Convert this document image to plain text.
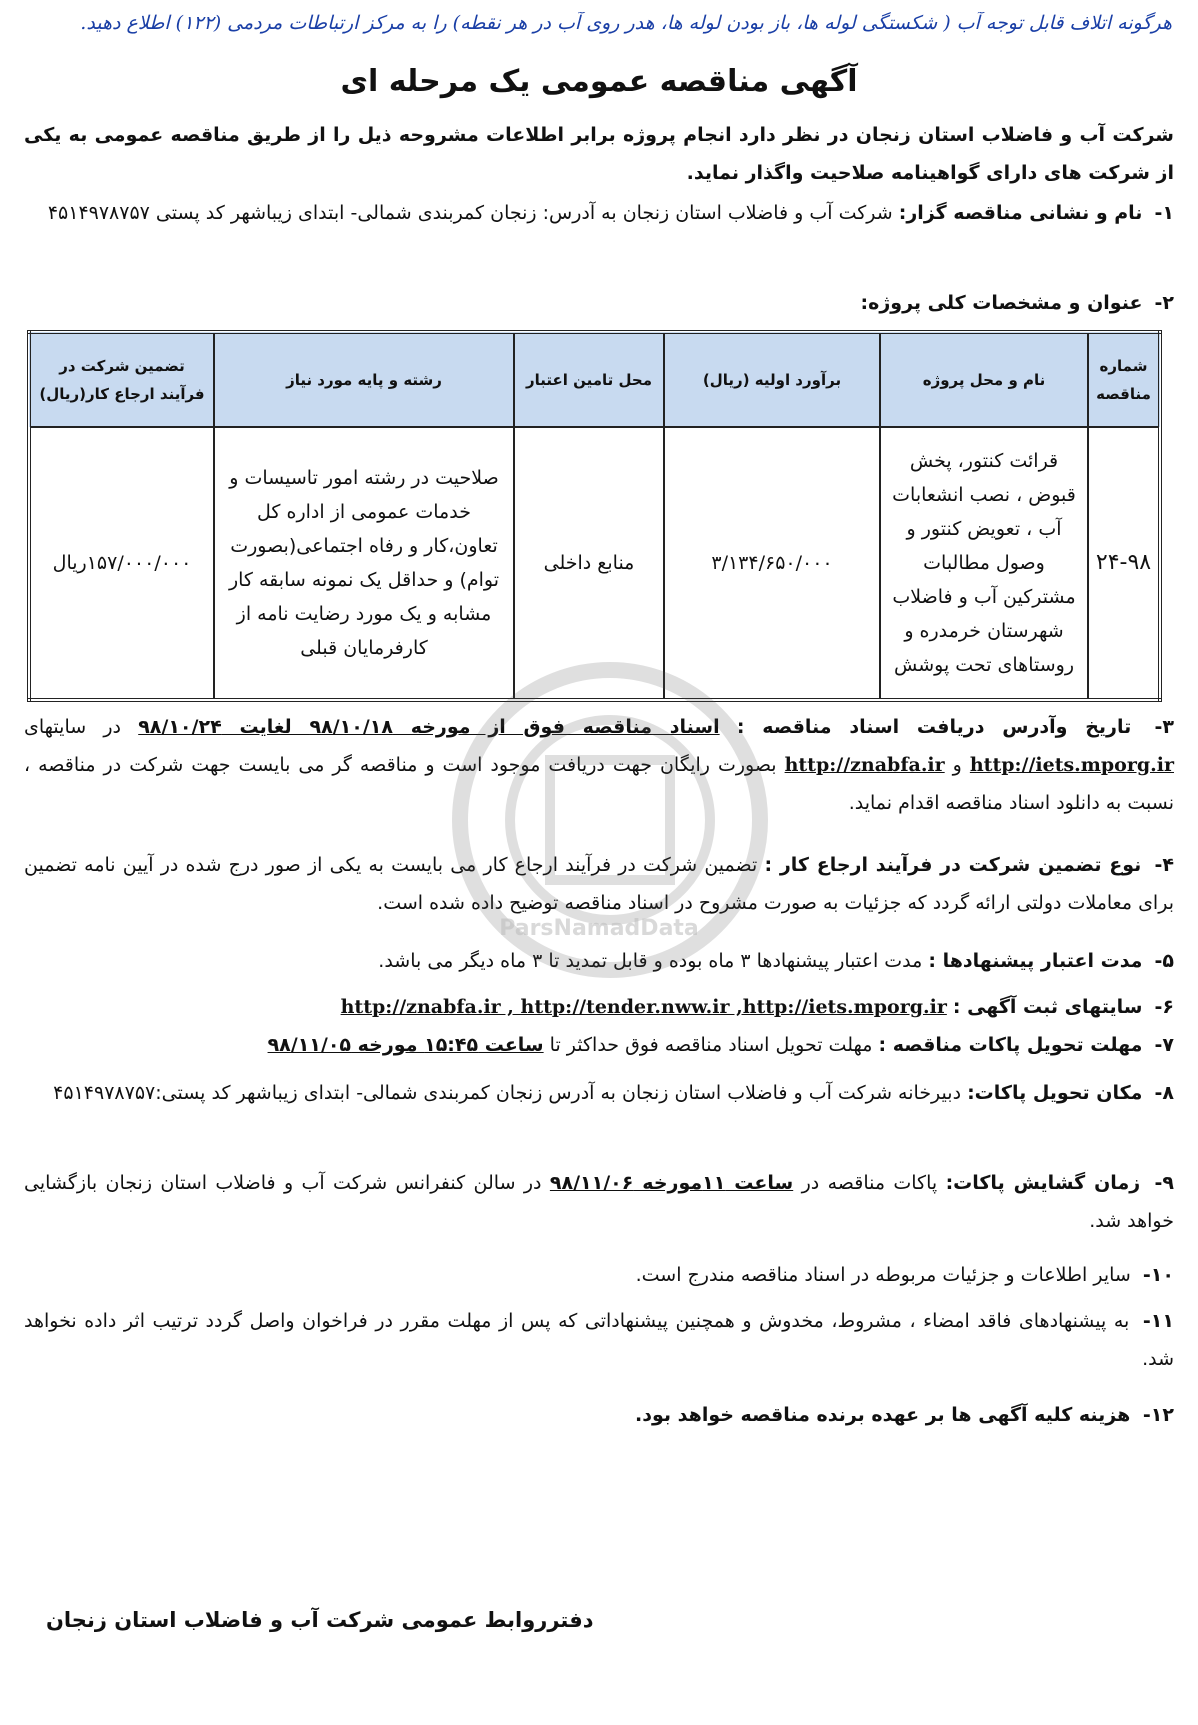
هرگونه اتلاف قابل توجه آب ( شکستگی لوله ها، باز بودن لوله ها، هدر روی آب در هر نقطه) را به مرکز ارتباطات مردمی (۱۲۲) اطلاع دهید.
آگهی مناقصه عمومی یک مرحله ای
شرکت آب و فاضلاب استان زنجان در نظر دارد انجام پروژه برابر اطلاعات مشروحه ذیل را از طریق مناقصه عمومی به یکی از شرکت های دارای گواهینامه صلاحیت واگذار نماید.
۱- نام و نشانی مناقصه گزار: شرکت آب و فاضلاب استان زنجان به آدرس: زنجان کمربندی شمالی- ابتدای زیباشهر کد پستی ۴۵۱۴۹۷۸۷۵۷
۲- عنوان و مشخصات کلی پروژه:
شماره مناقصه	نام و محل پروژه	برآورد اولیه (ریال)	محل تامین اعتبار	رشته و پایه مورد نیاز	تضمین شرکت در فرآیند ارجاع کار(ریال)
۲۴-۹۸	قرائت کنتور، پخش قبوض ، نصب انشعابات آب ، تعویض کنتور و وصول مطالبات مشترکین آب و فاضلاب شهرستان خرمدره و روستاهای تحت پوشش	۳/۱۳۴/۶۵۰/۰۰۰	منابع داخلی	صلاحیت در رشته امور تاسیسات و خدمات عمومی از اداره کل تعاون،کار و رفاه اجتماعی(بصورت توام) و حداقل یک نمونه سابقه کار مشابه و یک مورد رضایت نامه از کارفرمایان قبلی	۱۵۷/۰۰۰/۰۰۰ریال
۳- تاریخ وآدرس دریافت اسناد مناقصه : اسناد مناقصه فوق از مورخه ۹۸/۱۰/۱۸ لغایت ۹۸/۱۰/۲۴ در سایتهای http://iets.mporg.ir و http://znabfa.ir بصورت رایگان جهت دریافت موجود است و مناقصه گر می بایست جهت شرکت در مناقصه ، نسبت به دانلود اسناد مناقصه اقدام نماید.
۴- نوع تضمین شرکت در فرآیند ارجاع کار : تضمین شرکت در فرآیند ارجاع کار می بایست به یکی از صور درج شده در آیین نامه تضمین برای معاملات دولتی ارائه گردد که جزئیات به صورت مشروح در اسناد مناقصه توضیح داده شده است.
۵- مدت اعتبار پیشنهادها : مدت اعتبار پیشنهادها ۳ ماه بوده و قابل تمدید تا ۳ ماه دیگر می باشد.
۶- سایتهای ثبت آگهی : http://znabfa.ir , http://tender.nww.ir ,http://iets.mporg.ir
۷- مهلت تحویل پاکات مناقصه : مهلت تحویل اسناد مناقصه فوق حداکثر تا ساعت ۱۵:۴۵ مورخه ۹۸/۱۱/۰۵
۸- مکان تحویل پاکات: دبیرخانه شرکت آب و فاضلاب استان زنجان به آدرس زنجان کمربندی شمالی- ابتدای زیباشهر کد پستی:۴۵۱۴۹۷۸۷۵۷
۹- زمان گشایش پاکات: پاکات مناقصه در ساعت ۱۱مورخه ۹۸/۱۱/۰۶ در سالن کنفرانس شرکت آب و فاضلاب استان زنجان بازگشایی خواهد شد.
۱۰- سایر اطلاعات و جزئیات مربوطه در اسناد مناقصه مندرج است.
۱۱- به پیشنهادهای فاقد امضاء ، مشروط، مخدوش و همچنین پیشنهاداتی که پس از مهلت مقرر در فراخوان واصل گردد ترتیب اثر داده نخواهد شد.
۱۲- هزینه کلیه آگهی ها بر عهده برنده مناقصه خواهد بود.
دفترروابط عمومی شرکت آب و فاضلاب استان زنجان
ParsNamadData
